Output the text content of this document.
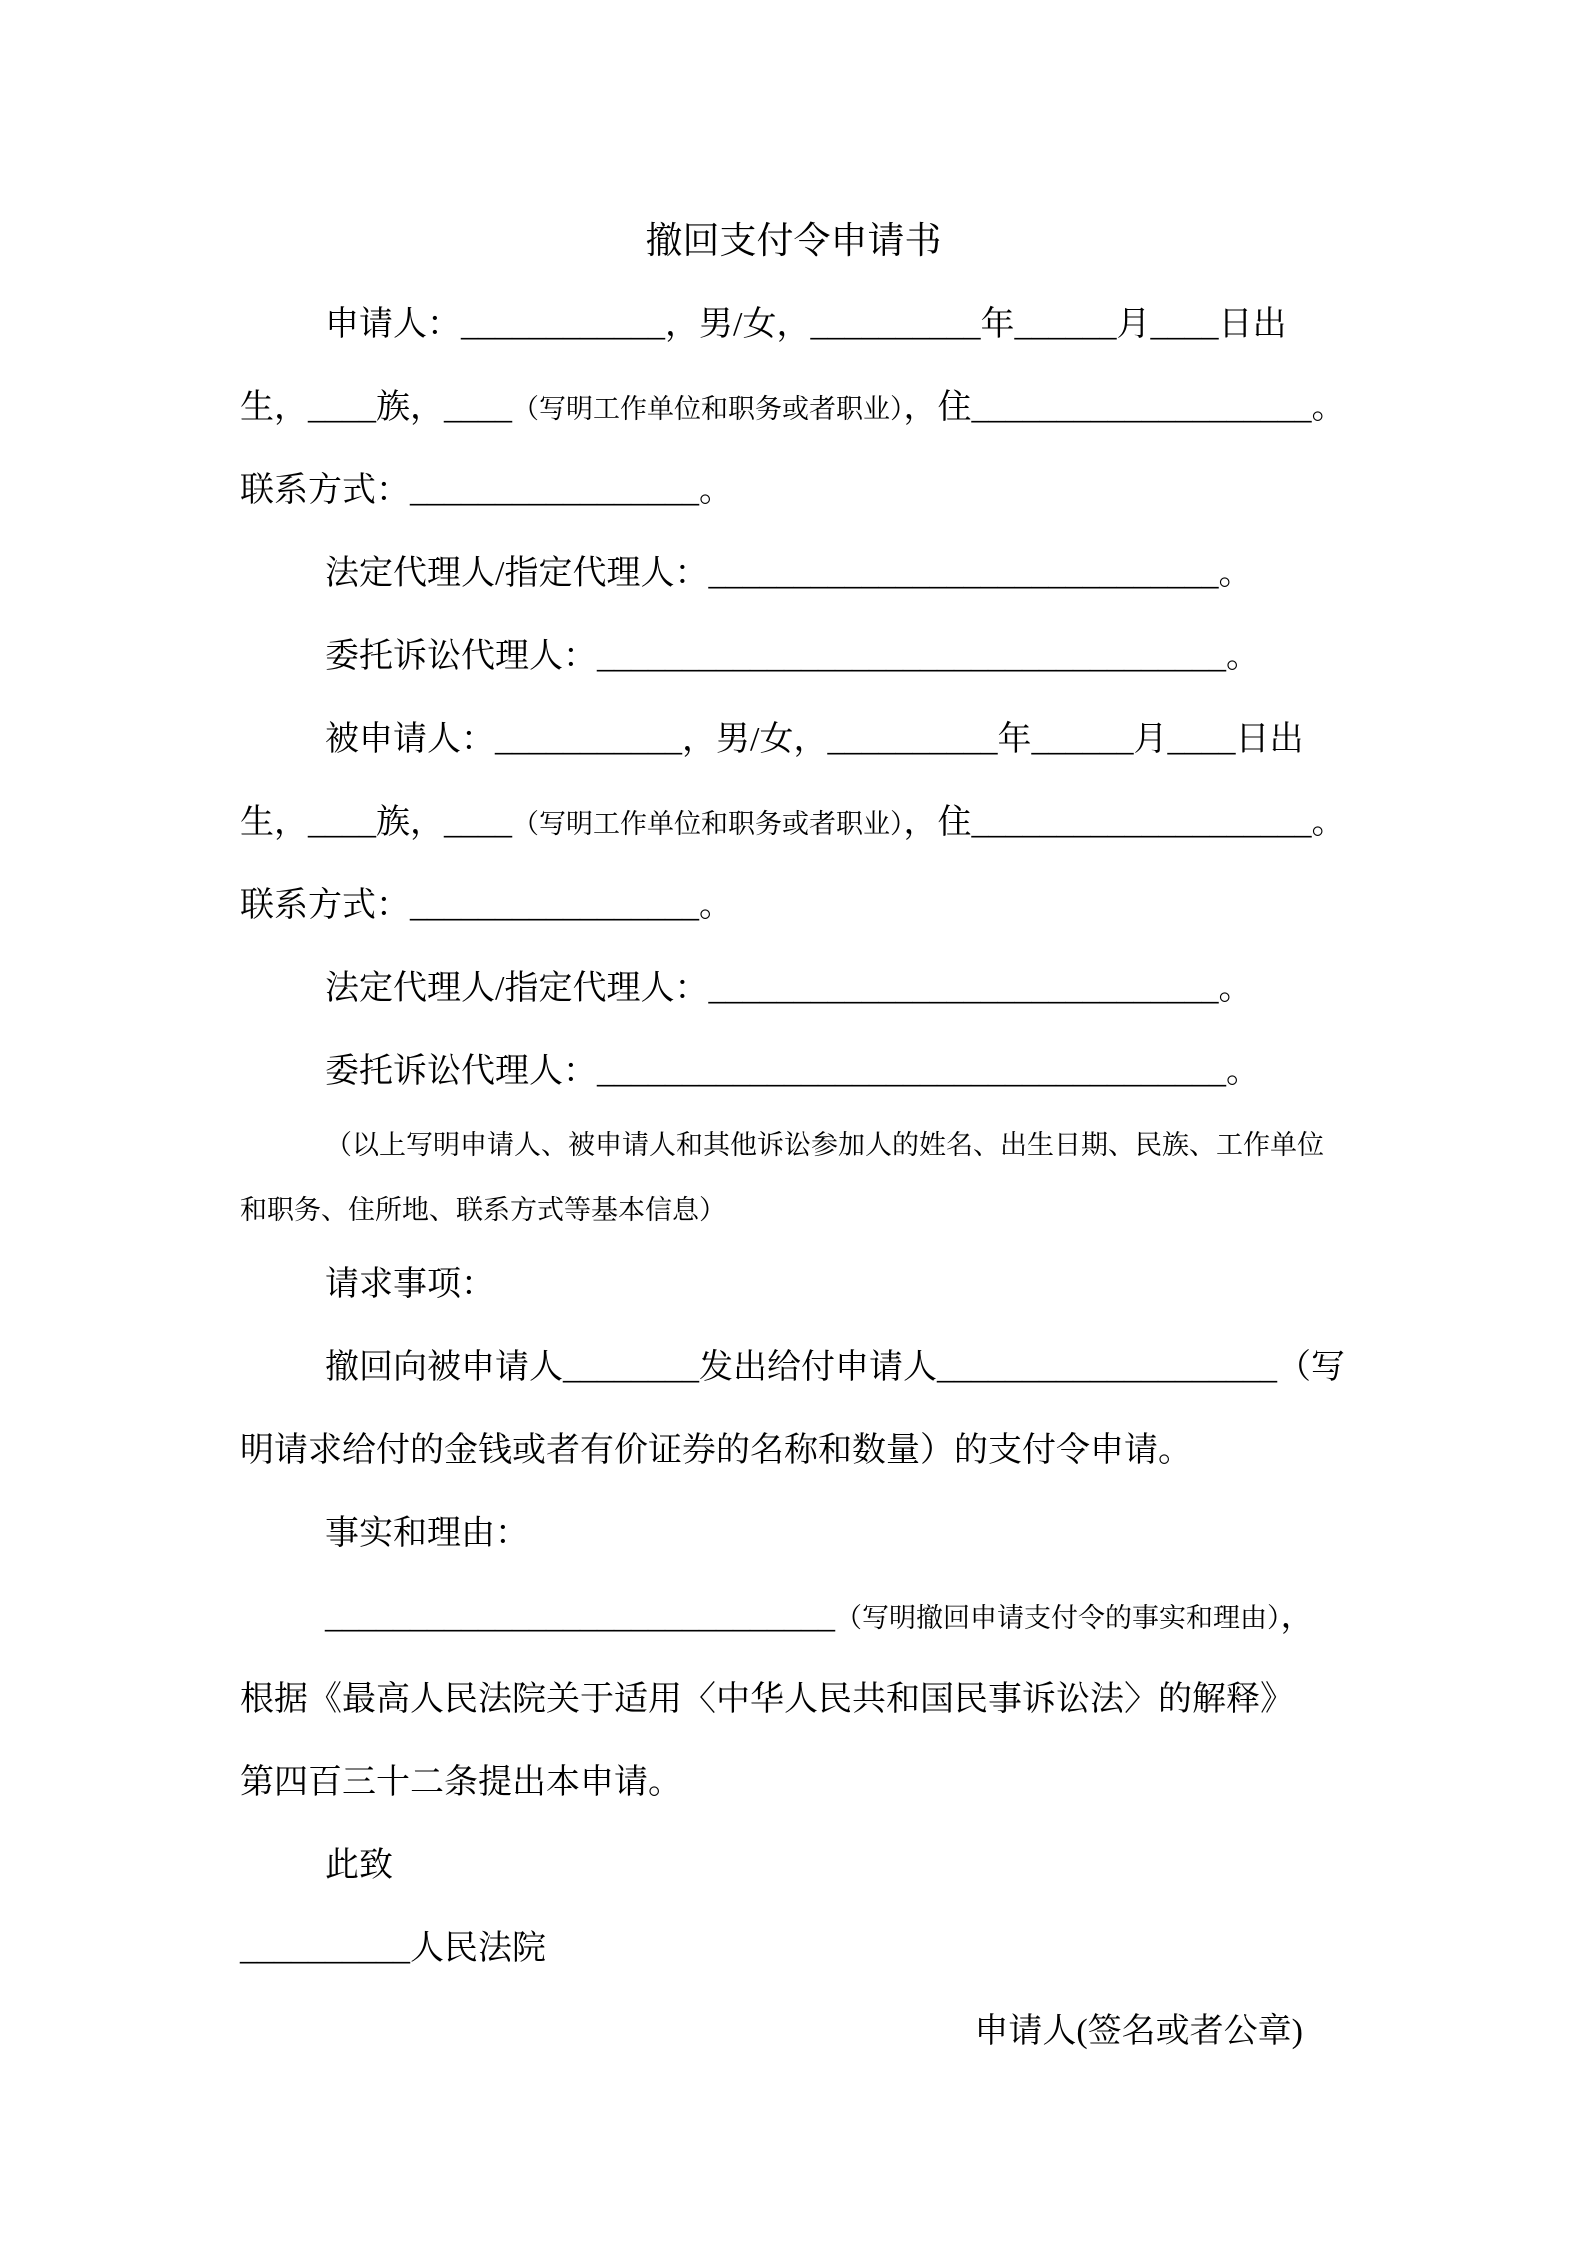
撤回支付令申请书
申请人：____________，男/女，__________年______月____日出
生，____族，____（写明工作单位和职务或者职业），住____________________。
联系方式：_________________。
法定代理人/指定代理人：______________________________。
委托诉讼代理人：_____________________________________。
被申请人：___________，男/女，__________年______月____日出
生，____族，____（写明工作单位和职务或者职业），住____________________。
联系方式：_________________。
法定代理人/指定代理人：______________________________。
委托诉讼代理人：_____________________________________。
（以上写明申请人、被申请人和其他诉讼参加人的姓名、出生日期、民族、工作单位
和职务、住所地、联系方式等基本信息）
请求事项：
撤回向被申请人________发出给付申请人____________________（写
明请求给付的金钱或者有价证券的名称和数量）的支付令申请。
事实和理由：
______________________________（写明撤回申请支付令的事实和理由），
根据《最高人民法院关于适用〈中华人民共和国民事诉讼法〉的解释》
第四百三十二条提出本申请。
此致
__________人民法院
申请人(签名或者公章)
